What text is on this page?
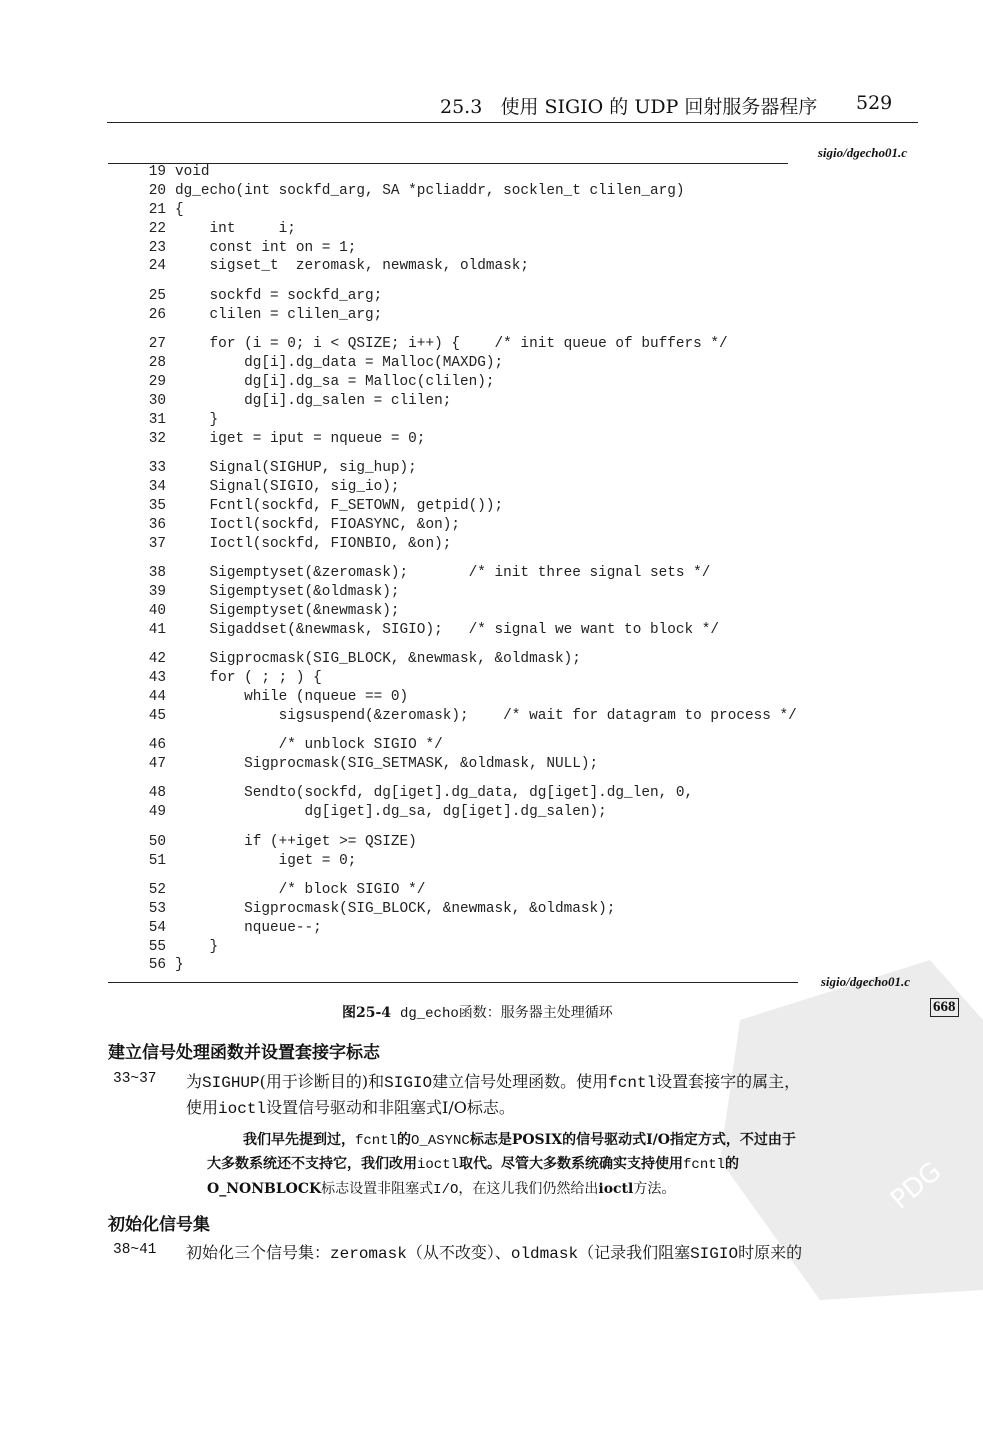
PDG
25.3 使用 SIGIO 的 UDP 回射服务器程序 529
sigio/dgecho01.c
19 void
20 dg_echo(int sockfd_arg, SA *pcliaddr, socklen_t clilen_arg)
21 {
22    int     i;
23    const int on = 1;
24    sigset_t  zeromask, newmask, oldmask;
25    sockfd = sockfd_arg;
26    clilen = clilen_arg;
27    for (i = 0; i < QSIZE; i++) {    /* init queue of buffers */
28        dg[i].dg_data = Malloc(MAXDG);
29        dg[i].dg_sa = Malloc(clilen);
30        dg[i].dg_salen = clilen;
31    }
32    iget = iput = nqueue = 0;
33    Signal(SIGHUP, sig_hup);
34    Signal(SIGIO, sig_io);
35    Fcntl(sockfd, F_SETOWN, getpid());
36    Ioctl(sockfd, FIOASYNC, &on);
37    Ioctl(sockfd, FIONBIO, &on);
38    Sigemptyset(&zeromask);       /* init three signal sets */
39    Sigemptyset(&oldmask);
40    Sigemptyset(&newmask);
41    Sigaddset(&newmask, SIGIO);   /* signal we want to block */
42    Sigprocmask(SIG_BLOCK, &newmask, &oldmask);
43    for ( ; ; ) {
44        while (nqueue == 0)
45            sigsuspend(&zeromask);    /* wait for datagram to process */
46            /* unblock SIGIO */
47        Sigprocmask(SIG_SETMASK, &oldmask, NULL);
48        Sendto(sockfd, dg[iget].dg_data, dg[iget].dg_len, 0,
49               dg[iget].dg_sa, dg[iget].dg_salen);
50        if (++iget >= QSIZE)
51            iget = 0;
52            /* block SIGIO */
53        Sigprocmask(SIG_BLOCK, &newmask, &oldmask);
54        nqueue--;
55    }
56 }
sigio/dgecho01.c
图25-4 dg_echo函数：服务器主处理循环	668
建立信号处理函数并设置套接字标志
33~37 为SIGHUP(用于诊断目的)和SIGIO建立信号处理函数。使用fcntl设置套接字的属主，
使用ioctl设置信号驱动和非阻塞式I/O标志。
我们早先提到过，fcntl的O_ASYNC标志是POSIX的信号驱动式I/O指定方式，不过由于
大多数系统还不支持它，我们改用ioctl取代。尽管大多数系统确实支持使用fcntl的
O_NONBLOCK标志设置非阻塞式I/O，在这儿我们仍然给出ioctl方法。
初始化信号集
38~41 初始化三个信号集：zeromask（从不改变）、oldmask（记录我们阻塞SIGIO时原来的
